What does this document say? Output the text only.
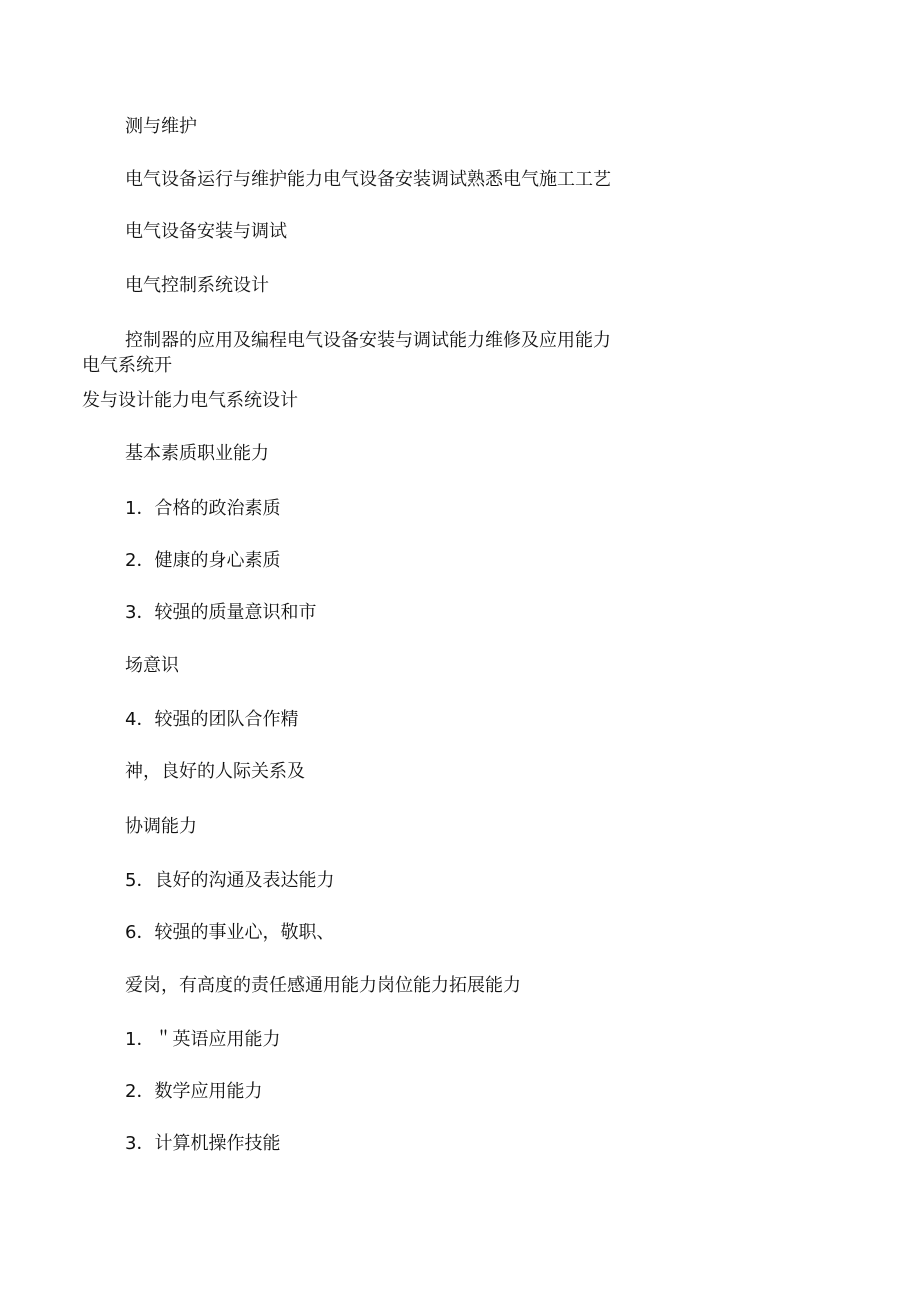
测与维护
电气设备运行与维护能力电气设备安装调试熟悉电气施工工艺
电气设备安装与调试
电气控制系统设计
控制器的应用及编程电气设备安装与调试能力维修及应用能力
电气系统开
发与设计能力电气系统设计
基本素质职业能力
1．合格的政治素质
2．健康的身心素质
3．较强的质量意识和市
场意识
4．较强的团队合作精
神，良好的人际关系及
协调能力
5．良好的沟通及表达能力
6．较强的事业心，敬职、
爱岗，有高度的责任感通用能力岗位能力拓展能力
1．＂英语应用能力
2．数学应用能力
3．计算机操作技能
